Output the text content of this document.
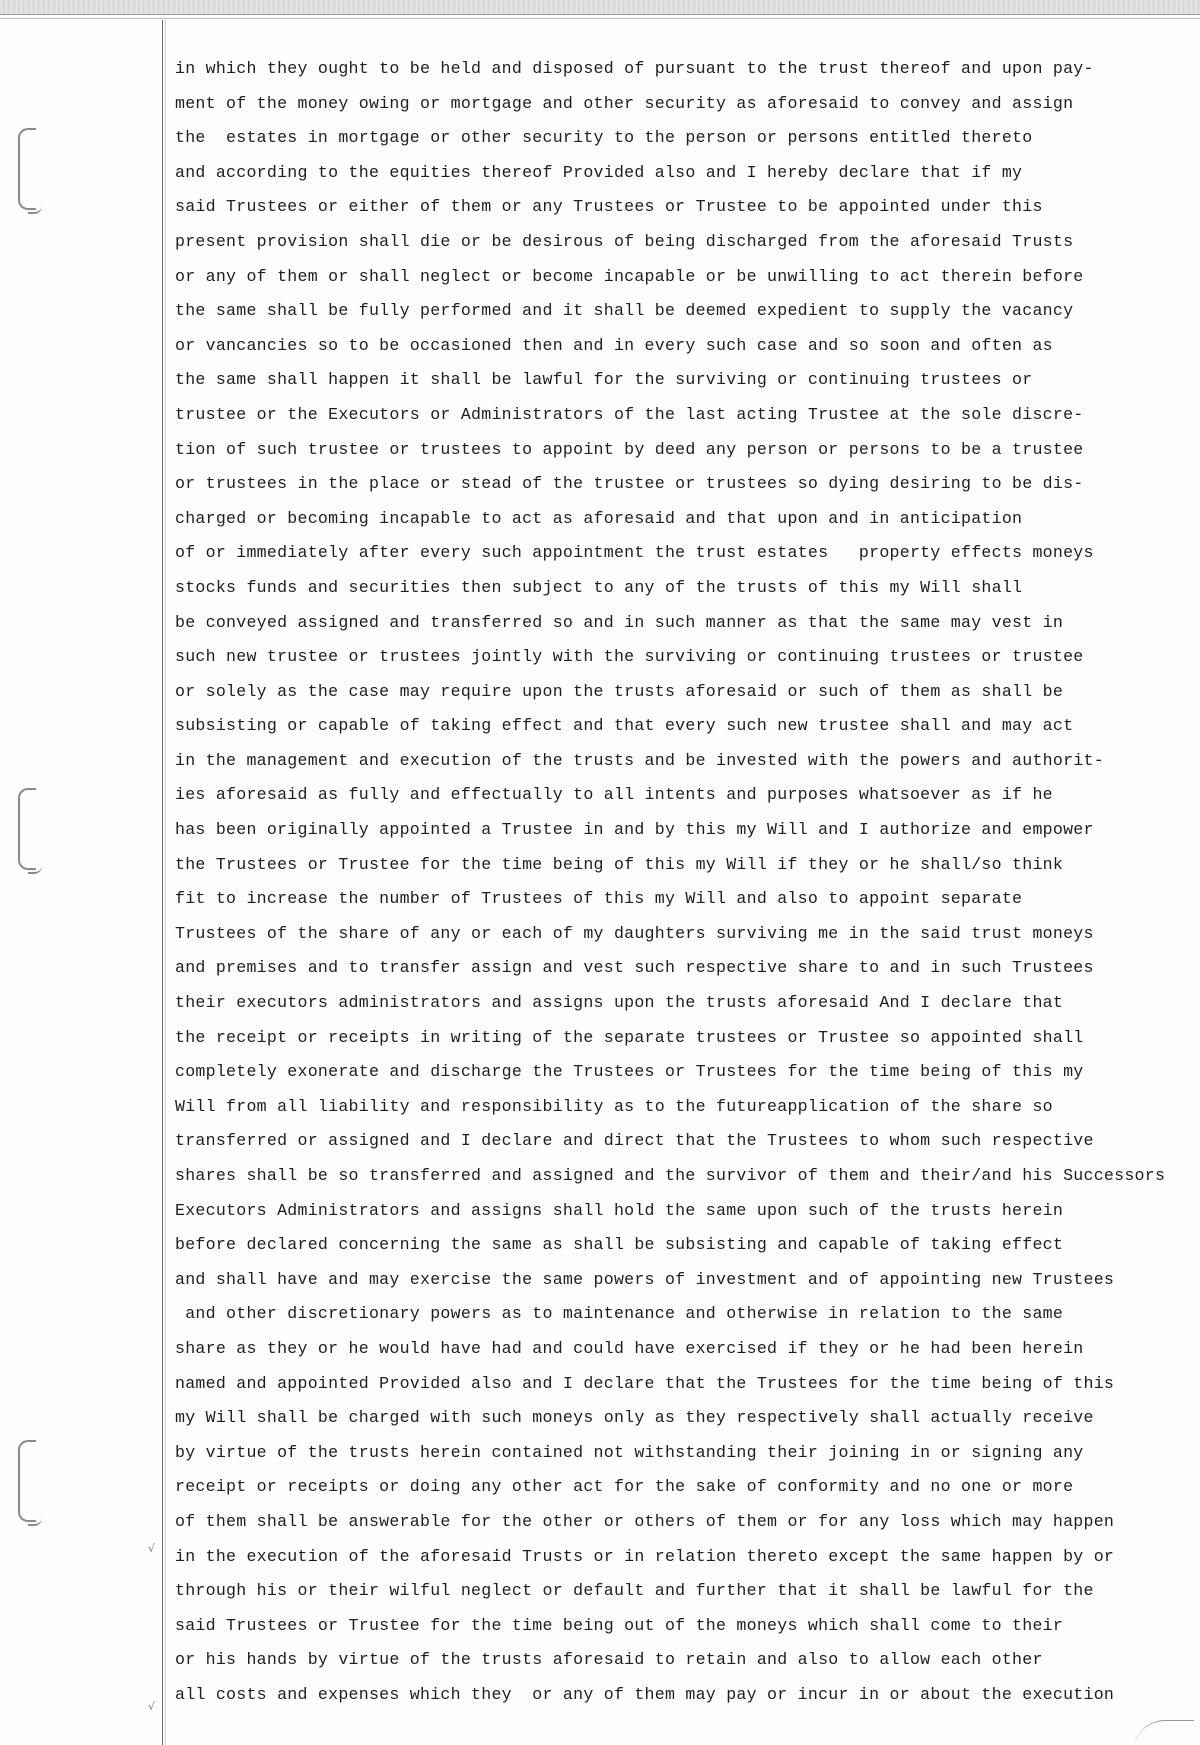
√
√
in which they ought to be held and disposed of pursuant to the trust thereof and upon pay-
ment of the money owing or mortgage and other security as aforesaid to convey and assign
the  estates in mortgage or other security to the person or persons entitled thereto
and according to the equities thereof Provided also and I hereby declare that if my
said Trustees or either of them or any Trustees or Trustee to be appointed under this
present provision shall die or be desirous of being discharged from the aforesaid Trusts
or any of them or shall neglect or become incapable or be unwilling to act therein before
the same shall be fully performed and it shall be deemed expedient to supply the vacancy
or vancancies so to be occasioned then and in every such case and so soon and often as
the same shall happen it shall be lawful for the surviving or continuing trustees or
trustee or the Executors or Administrators of the last acting Trustee at the sole discre-
tion of such trustee or trustees to appoint by deed any person or persons to be a trustee
or trustees in the place or stead of the trustee or trustees so dying desiring to be dis-
charged or becoming incapable to act as aforesaid and that upon and in anticipation
of or immediately after every such appointment the trust estates   property effects moneys
stocks funds and securities then subject to any of the trusts of this my Will shall
be conveyed assigned and transferred so and in such manner as that the same may vest in
such new trustee or trustees jointly with the surviving or continuing trustees or trustee
or solely as the case may require upon the trusts aforesaid or such of them as shall be
subsisting or capable of taking effect and that every such new trustee shall and may act
in the management and execution of the trusts and be invested with the powers and authorit-
ies aforesaid as fully and effectually to all intents and purposes whatsoever as if he
has been originally appointed a Trustee in and by this my Will and I authorize and empower
the Trustees or Trustee for the time being of this my Will if they or he shall/so think
fit to increase the number of Trustees of this my Will and also to appoint separate
Trustees of the share of any or each of my daughters surviving me in the said trust moneys
and premises and to transfer assign and vest such respective share to and in such Trustees
their executors administrators and assigns upon the trusts aforesaid And I declare that
the receipt or receipts in writing of the separate trustees or Trustee so appointed shall
completely exonerate and discharge the Trustees or Trustees for the time being of this my
Will from all liability and responsibility as to the futureapplication of the share so
transferred or assigned and I declare and direct that the Trustees to whom such respective
shares shall be so transferred and assigned and the survivor of them and their/and his Successors
Executors Administrators and assigns shall hold the same upon such of the trusts herein
before declared concerning the same as shall be subsisting and capable of taking effect
and shall have and may exercise the same powers of investment and of appointing new Trustees
and other discretionary powers as to maintenance and otherwise in relation to the same
share as they or he would have had and could have exercised if they or he had been herein
named and appointed Provided also and I declare that the Trustees for the time being of this
my Will shall be charged with such moneys only as they respectively shall actually receive
by virtue of the trusts herein contained not withstanding their joining in or signing any
receipt or receipts or doing any other act for the sake of conformity and no one or more
of them shall be answerable for the other or others of them or for any loss which may happen
in the execution of the aforesaid Trusts or in relation thereto except the same happen by or
through his or their wilful neglect or default and further that it shall be lawful for the
said Trustees or Trustee for the time being out of the moneys which shall come to their
or his hands by virtue of the trusts aforesaid to retain and also to allow each other
all costs and expenses which they  or any of them may pay or incur in or about the execution
